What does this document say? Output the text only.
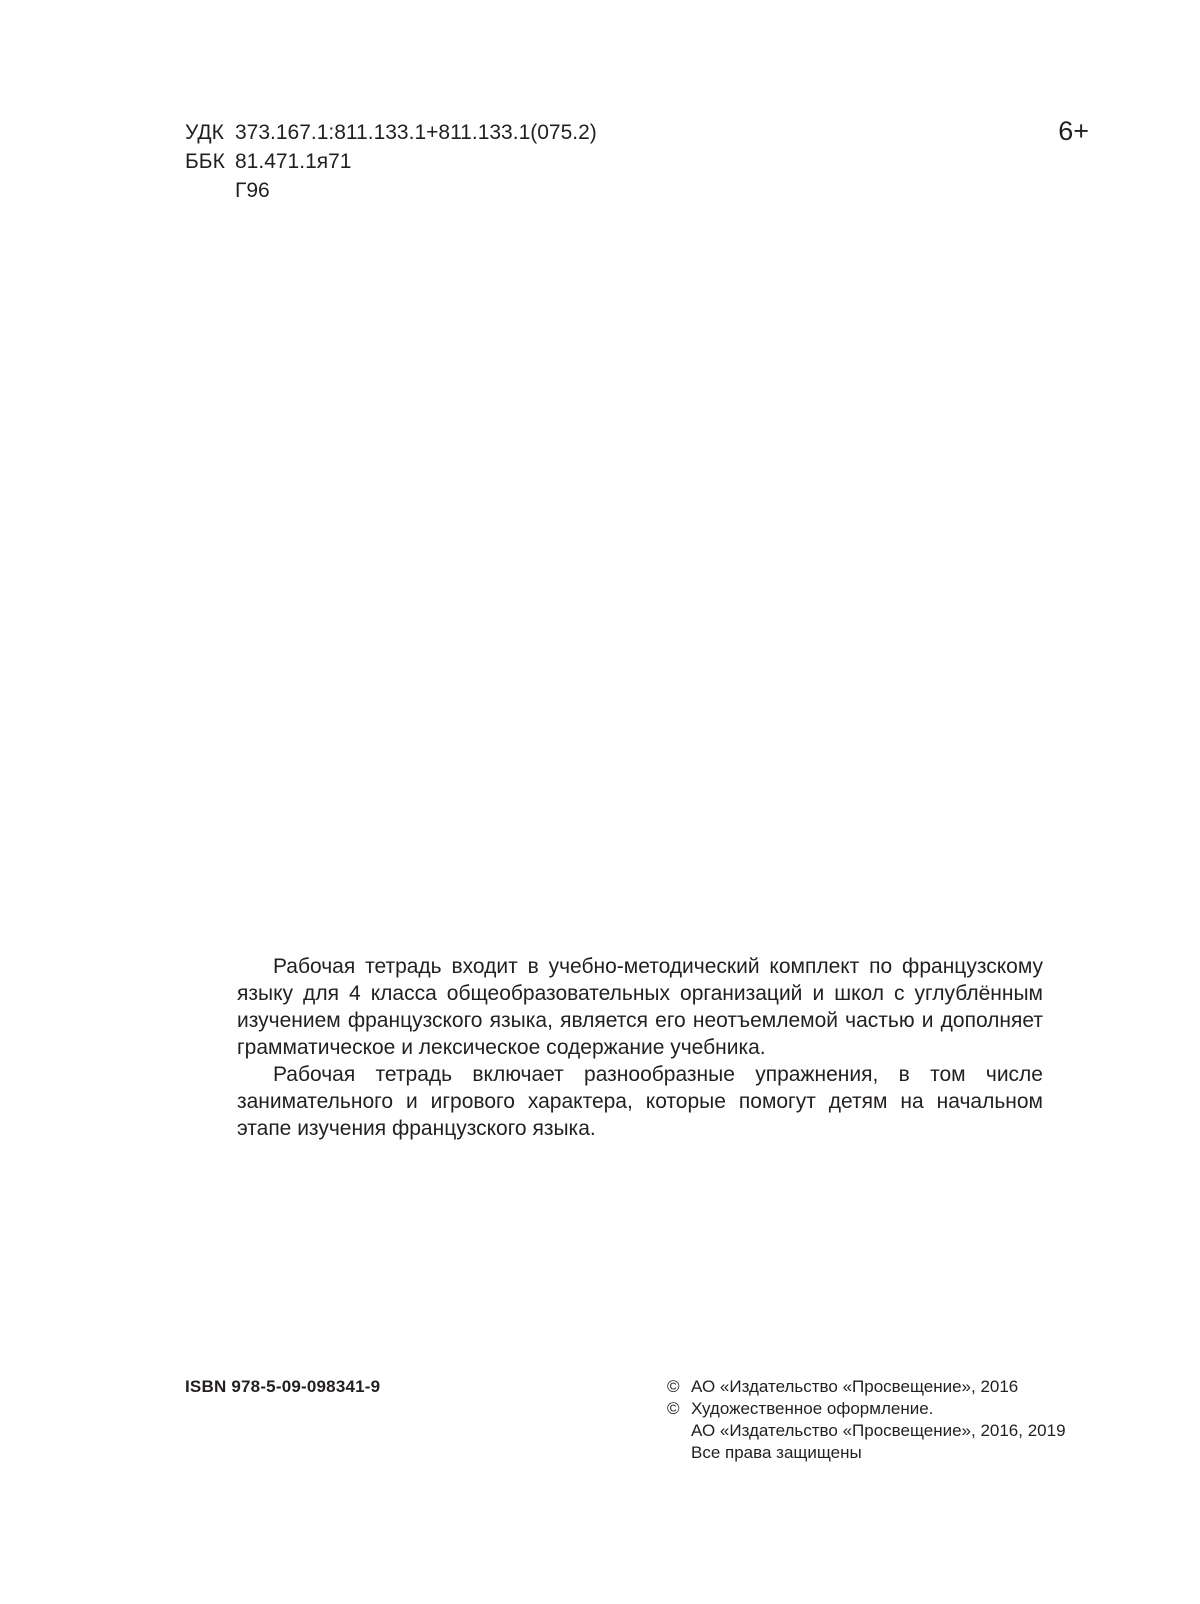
УДК 373.167.1:811.133.1+811.133.1(075.2)
ББК 81.471.1я71
Г96
6+

Рабочая тетрадь входит в учебно-методический комплект по французскому языку для 4 класса общеобразовательных организаций и школ с углублённым изучением французского языка, является его неотъемлемой частью и дополняет грамматическое и лексическое содержание учебника.

Рабочая тетрадь включает разнообразные упражнения, в том числе занимательного и игрового характера, которые помогут детям на начальном этапе изучения французского языка.

ISBN 978-5-09-098341-9	© АО «Издательство «Просвещение», 2016
© Художественное оформление.
АО «Издательство «Просвещение», 2016, 2019
Все права защищены
